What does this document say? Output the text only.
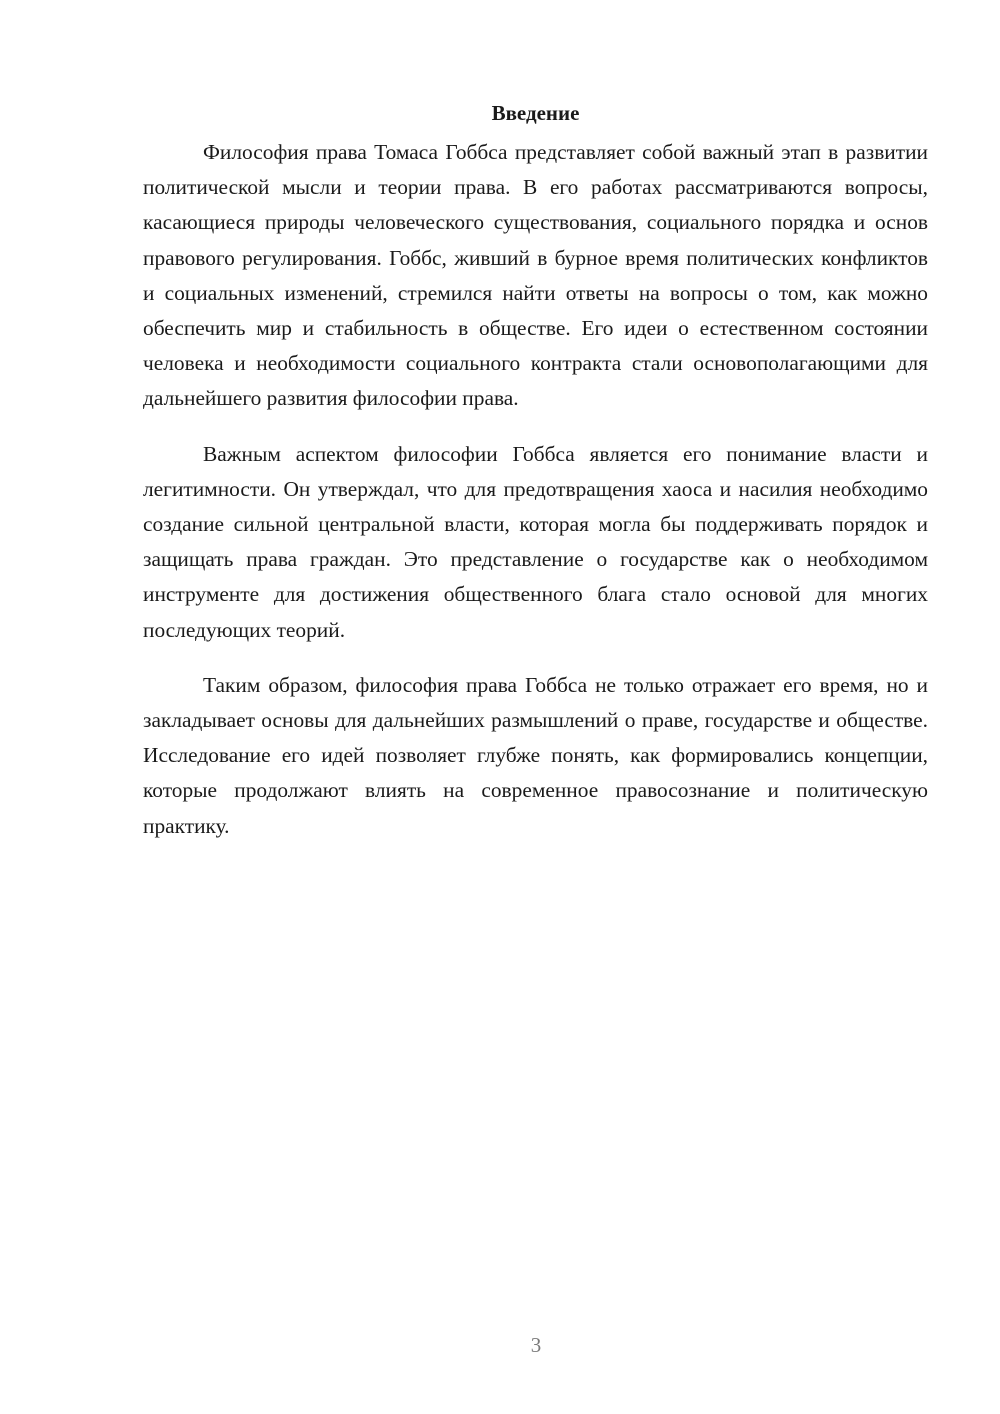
Введение

Философия права Томаса Гоббса представляет собой важный этап в развитии политической мысли и теории права. В его работах рассматриваются вопросы, касающиеся природы человеческого существования, социального порядка и основ правового регулирования. Гоббс, живший в бурное время политических конфликтов и социальных изменений, стремился найти ответы на вопросы о том, как можно обеспечить мир и стабильность в обществе. Его идеи о естественном состоянии человека и необходимости социального контракта стали основополагающими для дальнейшего развития философии права.

Важным аспектом философии Гоббса является его понимание власти и легитимности. Он утверждал, что для предотвращения хаоса и насилия необходимо создание сильной центральной власти, которая могла бы поддерживать порядок и защищать права граждан. Это представление о государстве как о необходимом инструменте для достижения общественного блага стало основой для многих последующих теорий.

Таким образом, философия права Гоббса не только отражает его время, но и закладывает основы для дальнейших размышлений о праве, государстве и обществе. Исследование его идей позволяет глубже понять, как формировались концепции, которые продолжают влиять на современное правосознание и политическую практику.

3
